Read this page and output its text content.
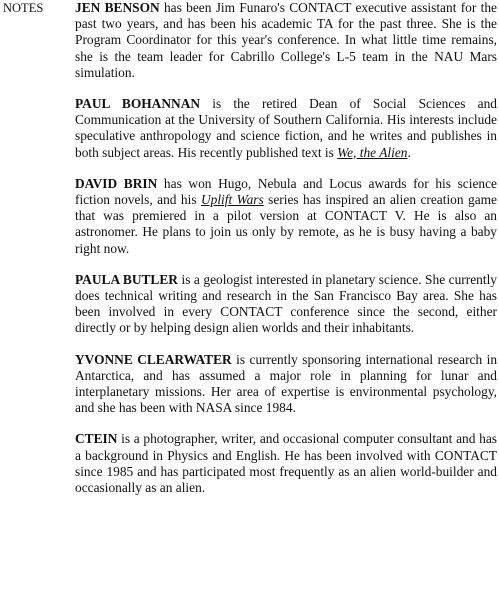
NOTES JEN BENSON has been Jim Funaro's CONTACT executive assistant for the past two years, and has been his academic TA for the past three. She is the Program Coordinator for this year's conference. In what little time remains, she is the team leader for Cabrillo College's L-5 team in the NAU Mars simulation.

PAUL BOHANNAN is the retired Dean of Social Sciences and Communication at the University of Southern California. His interests include speculative anthropology and science fiction, and he writes and publishes in both subject areas. His recently published text is We, the Alien.

DAVID BRIN has won Hugo, Nebula and Locus awards for his science fiction novels, and his Uplift Wars series has inspired an alien creation game that was premiered in a pilot version at CONTACT V. He is also an astronomer. He plans to join us only by remote, as he is busy having a baby right now.

PAULA BUTLER is a geologist interested in planetary science. She currently does technical writing and research in the San Francisco Bay area. She has been involved in every CONTACT conference since the second, either directly or by helping design alien worlds and their inhabitants.

YVONNE CLEARWATER is currently sponsoring international research in Antarctica, and has assumed a major role in planning for lunar and interplanetary missions. Her area of expertise is environmental psychology, and she has been with NASA since 1984.

CTEIN is a photographer, writer, and occasional computer consultant and has a background in Physics and English. He has been involved with CONTACT since 1985 and has participated most frequently as an alien world-builder and occasionally as an alien.
